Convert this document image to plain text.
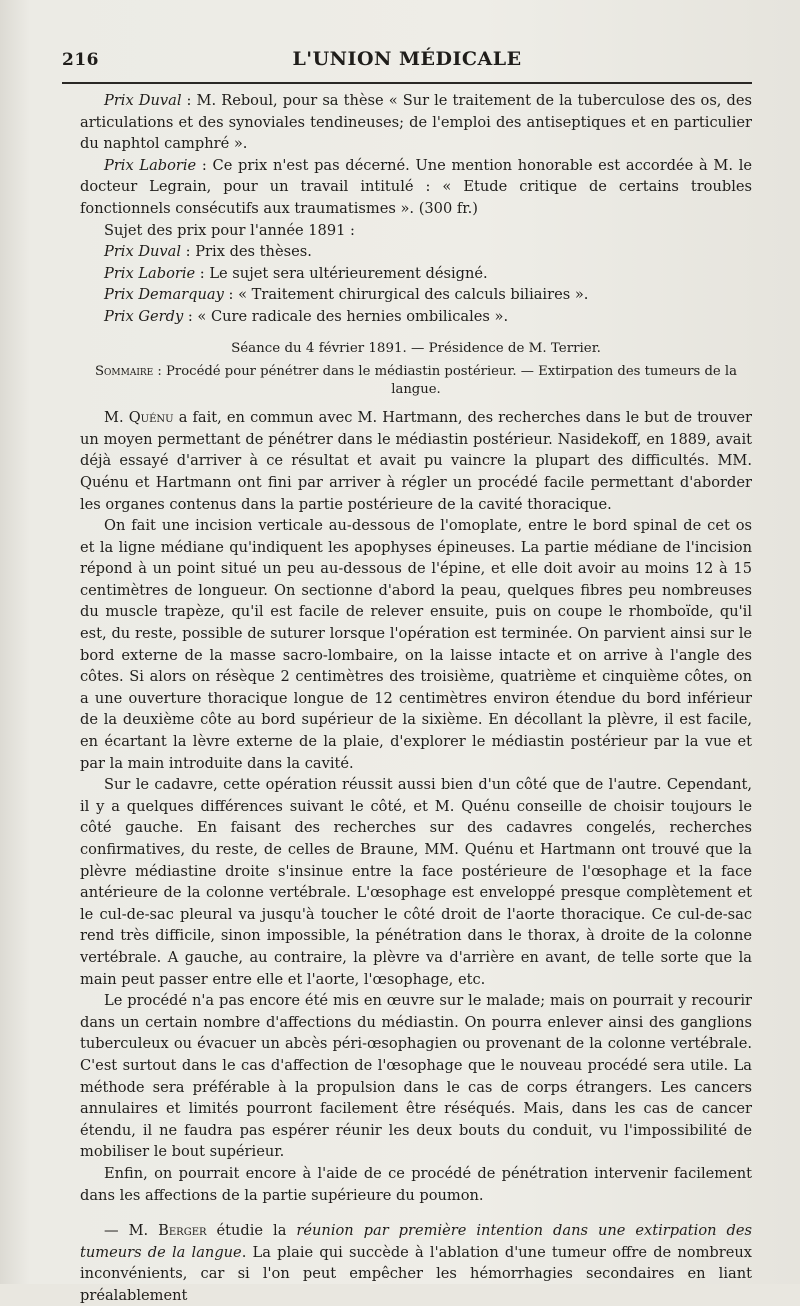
216	L'UNION MÉDICALE

Prix Duval : M. Reboul, pour sa thèse « Sur le traitement de la tuberculose des os, des articulations et des synoviales tendineuses; de l'emploi des antiseptiques et en particulier du naphtol camphré ».

Prix Laborie : Ce prix n'est pas décerné. Une mention honorable est accordée à M. le docteur Legrain, pour un travail intitulé : « Etude critique de certains troubles fonctionnels consécutifs aux traumatismes ». (300 fr.)

Sujet des prix pour l'année 1891 :

Prix Duval : Prix des thèses.

Prix Laborie : Le sujet sera ultérieurement désigné.

Prix Demarquay : « Traitement chirurgical des calculs biliaires ».

Prix Gerdy : « Cure radicale des hernies ombilicales ».

Séance du 4 février 1891. — Présidence de M. Terrier.

Sommaire : Procédé pour pénétrer dans le médiastin postérieur. — Extirpation des tumeurs de la langue.

M. Quénu a fait, en commun avec M. Hartmann, des recherches dans le but de trouver un moyen permettant de pénétrer dans le médiastin postérieur. Nasidekoff, en 1889, avait déjà essayé d'arriver à ce résultat et avait pu vaincre la plupart des difficultés. MM. Quénu et Hartmann ont fini par arriver à régler un procédé facile permettant d'aborder les organes contenus dans la partie postérieure de la cavité thoracique.

On fait une incision verticale au-dessous de l'omoplate, entre le bord spinal de cet os et la ligne médiane qu'indiquent les apophyses épineuses. La partie médiane de l'incision répond à un point situé un peu au-dessous de l'épine, et elle doit avoir au moins 12 à 15 centimètres de longueur. On sectionne d'abord la peau, quelques fibres peu nombreuses du muscle trapèze, qu'il est facile de relever ensuite, puis on coupe le rhomboïde, qu'il est, du reste, possible de suturer lorsque l'opération est terminée. On parvient ainsi sur le bord externe de la masse sacro-lombaire, on la laisse intacte et on arrive à l'angle des côtes. Si alors on résèque 2 centimètres des troisième, quatrième et cinquième côtes, on a une ouverture thoracique longue de 12 centimètres environ étendue du bord inférieur de la deuxième côte au bord supérieur de la sixième. En décollant la plèvre, il est facile, en écartant la lèvre externe de la plaie, d'explorer le médiastin postérieur par la vue et par la main introduite dans la cavité.

Sur le cadavre, cette opération réussit aussi bien d'un côté que de l'autre. Cependant, il y a quelques différences suivant le côté, et M. Quénu conseille de choisir toujours le côté gauche. En faisant des recherches sur des cadavres congelés, recherches confirmatives, du reste, de celles de Braune, MM. Quénu et Hartmann ont trouvé que la plèvre médiastine droite s'insinue entre la face postérieure de l'œsophage et la face antérieure de la colonne vertébrale. L'œsophage est enveloppé presque complètement et le cul-de-sac pleural va jusqu'à toucher le côté droit de l'aorte thoracique. Ce cul-de-sac rend très difficile, sinon impossible, la pénétration dans le thorax, à droite de la colonne vertébrale. A gauche, au contraire, la plèvre va d'arrière en avant, de telle sorte que la main peut passer entre elle et l'aorte, l'œsophage, etc.

Le procédé n'a pas encore été mis en œuvre sur le malade; mais on pourrait y recourir dans un certain nombre d'affections du médiastin. On pourra enlever ainsi des ganglions tuberculeux ou évacuer un abcès péri-œsophagien ou provenant de la colonne vertébrale. C'est surtout dans le cas d'affection de l'œsophage que le nouveau procédé sera utile. La méthode sera préférable à la propulsion dans le cas de corps étrangers. Les cancers annulaires et limités pourront facilement être réséqués. Mais, dans les cas de cancer étendu, il ne faudra pas espérer réunir les deux bouts du conduit, vu l'impossibilité de mobiliser le bout supérieur.

Enfin, on pourrait encore à l'aide de ce procédé de pénétration intervenir facilement dans les affections de la partie supérieure du poumon.

— M. Berger étudie la réunion par première intention dans une extirpation des tumeurs de la langue. La plaie qui succède à l'ablation d'une tumeur offre de nombreux inconvénients, car si l'on peut empêcher les hémorrhagies secondaires en liant préalablement
